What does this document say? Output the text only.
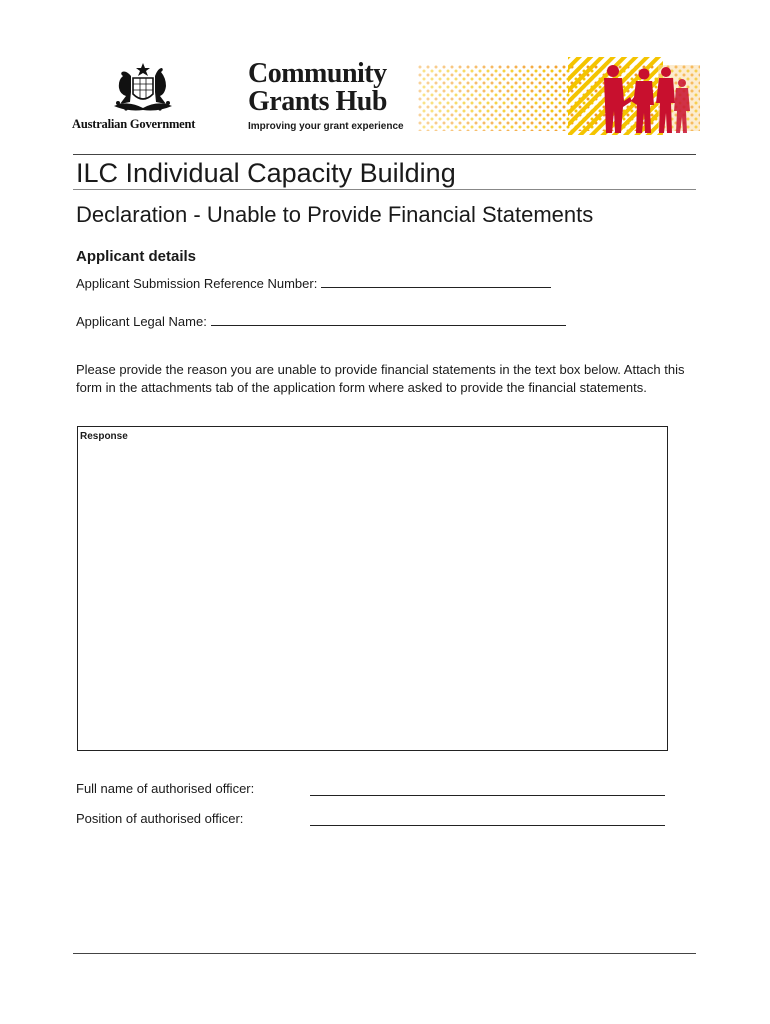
Australian Government
Community
Grants Hub
Improving your grant experience
ILC Individual Capacity Building
Declaration - Unable to Provide Financial Statements
Applicant details
Applicant Submission Reference Number:
Applicant Legal Name:
Please provide the reason you are unable to provide financial statements in the text box below. Attach this form in the attachments tab of the application form where asked to provide the financial statements.
Response
Full name of authorised officer:
Position of authorised officer:
